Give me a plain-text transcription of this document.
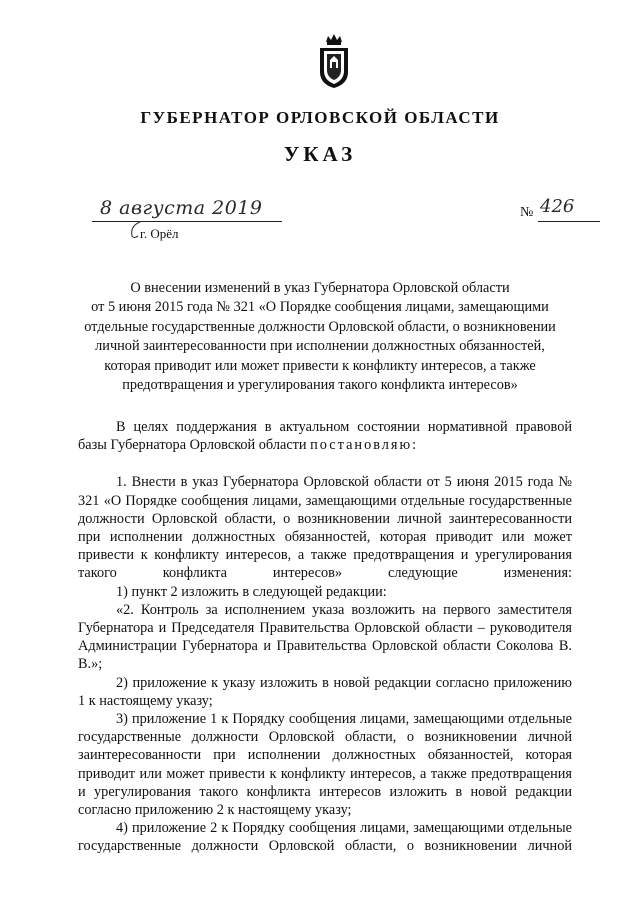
ГУБЕРНАТОР ОРЛОВСКОЙ ОБЛАСТИ
УКАЗ
8 августа 2019
г. Орёл
№ 426
О внесении изменений в указ Губернатора Орловской области
от 5 июня 2015 года № 321 «О Порядке сообщения лицами, замещающими
отдельные государственные должности Орловской области, о возникновении
личной заинтересованности при исполнении должностных обязанностей,
которая приводит или может привести к конфликту интересов, а также
предотвращения и урегулирования такого конфликта интересов»

В целях поддержания в актуальном состоянии нормативной правовой базы Губернатора Орловской области постановляю:

1. Внести в указ Губернатора Орловской области от 5 июня 2015 года № 321 «О Порядке сообщения лицами, замещающими отдельные государственные должности Орловской области, о возникновении личной заинтересованности при исполнении должностных обязанностей, которая приводит или может привести к конфликту интересов, а также предотвращения и урегулирования такого конфликта интересов» следующие изменения:

1) пункт 2 изложить в следующей редакции:

«2. Контроль за исполнением указа возложить на первого заместителя Губернатора и Председателя Правительства Орловской области – руководителя Администрации Губернатора и Правительства Орловской области Соколова В. В.»;

2) приложение к указу изложить в новой редакции согласно приложению 1 к настоящему указу;

3) приложение 1 к Порядку сообщения лицами, замещающими отдельные государственные должности Орловской области, о возникновении личной заинтересованности при исполнении должностных обязанностей, которая приводит или может привести к конфликту интересов, а также предотвращения и урегулирования такого конфликта интересов изложить в новой редакции согласно приложению 2 к настоящему указу;

4) приложение 2 к Порядку сообщения лицами, замещающими отдельные государственные должности Орловской области, о возникновении личной
